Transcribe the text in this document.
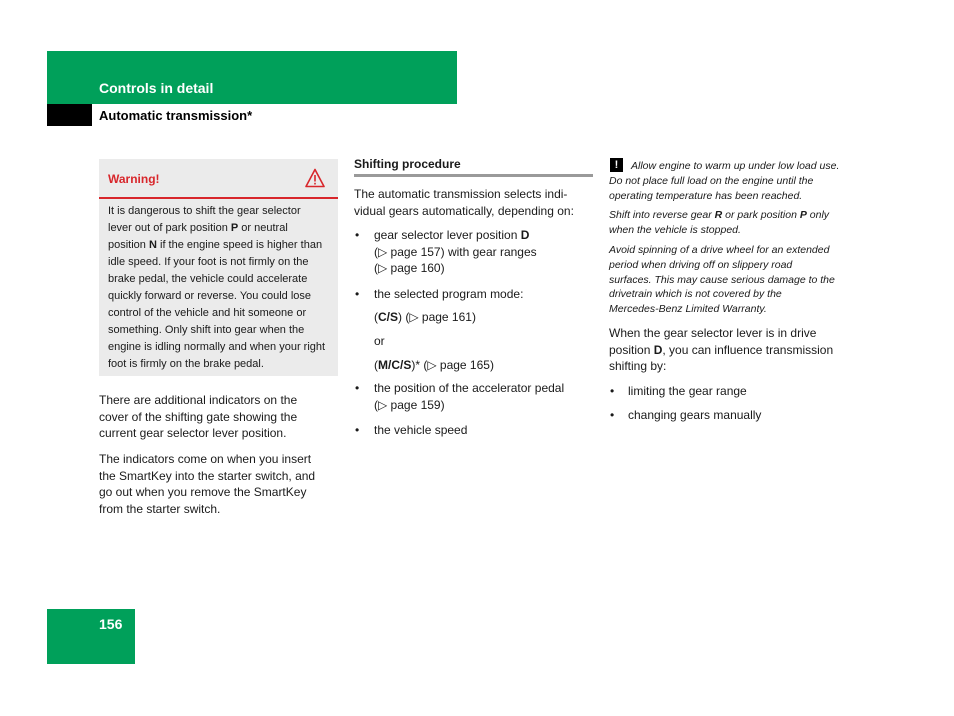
Controls in detail
Automatic transmission*
Warning!
It is dangerous to shift the gear selector
lever out of park position P or neutral
position N if the engine speed is higher than
idle speed. If your foot is not firmly on the
brake pedal, the vehicle could accelerate
quickly forward or reverse. You could lose
control of the vehicle and hit someone or
something. Only shift into gear when the
engine is idling normally and when your right
foot is firmly on the brake pedal.
There are additional indicators on the
cover of the shifting gate showing the
current gear selector lever position.
The indicators come on when you insert
the SmartKey into the starter switch, and
go out when you remove the SmartKey
from the starter switch.
Shifting procedure
The automatic transmission selects indi-
vidual gears automatically, depending on:
• gear selector lever position D
(▷ page 157) with gear ranges
(▷ page 160)
• the selected program mode:
(C/S) (▷ page 161)
or
(M/C/S)* (▷ page 165)
• the position of the accelerator pedal
(▷ page 159)
• the vehicle speed
!	Allow engine to warm up under low load use.
Do not place full load on the engine until the
operating temperature has been reached.
Shift into reverse gear R or park position P only
when the vehicle is stopped.
Avoid spinning of a drive wheel for an extended
period when driving off on slippery road
surfaces. This may cause serious damage to the
drivetrain which is not covered by the
Mercedes-Benz Limited Warranty.
When the gear selector lever is in drive
position D, you can influence transmission
shifting by:
• limiting the gear range
• changing gears manually
156
